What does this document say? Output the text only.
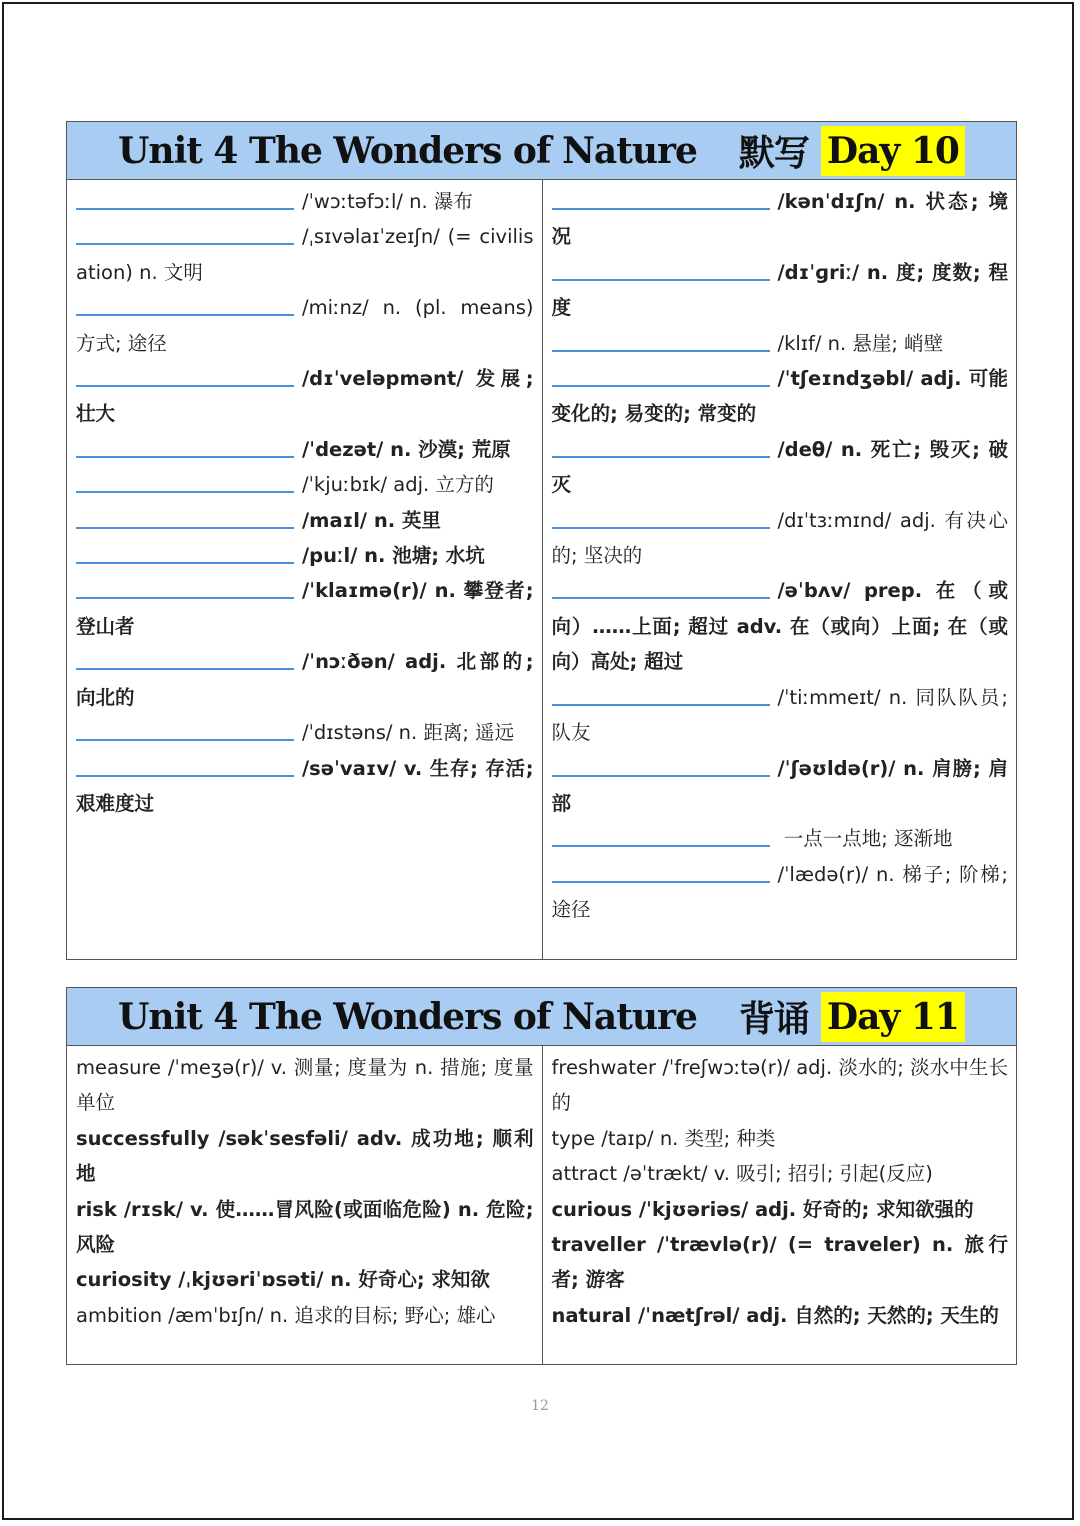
Unit 4 The Wonders of Nature 默写 Day 10
/ˈwɔːtəfɔːl/ n. 瀑布
/ˌsɪvəlaɪˈzeɪʃn/ (= civilisation) n. 文明
/miːnz/ n. (pl. means) 方式; 途径
/dɪˈveləpmənt/ 发展; 壮大
/ˈdezət/ n. 沙漠; 荒原
/ˈkjuːbɪk/ adj. 立方的
/maɪl/ n. 英里
/puːl/ n. 池塘; 水坑
/ˈklaɪmə(r)/ n. 攀登者; 登山者
/ˈnɔːðən/ adj. 北部的; 向北的
/ˈdɪstəns/ n. 距离; 遥远
/səˈvaɪv/ v. 生存; 存活; 艰难度过
/kənˈdɪʃn/ n. 状态; 境况
/dɪˈɡriː/ n. 度; 度数; 程度
/klɪf/ n. 悬崖; 峭壁
/ˈtʃeɪndʒəbl/ adj. 可能变化的; 易变的; 常变的
/deθ/ n. 死亡; 毁灭; 破灭
/dɪˈtɜːmɪnd/ adj. 有决心的; 坚决的
/əˈbʌv/ prep. 在（或向）……上面; 超过 adv. 在（或向）上面; 在（或向）高处; 超过
/ˈtiːmmeɪt/ n. 同队队员; 队友
/ˈʃəʊldə(r)/ n. 肩膀; 肩部
一点一点地; 逐渐地
/ˈlædə(r)/ n. 梯子; 阶梯; 途径
Unit 4 The Wonders of Nature 背诵 Day 11
measure /ˈmeʒə(r)/ v. 测量; 度量为 n. 措施; 度量单位
successfully /səkˈsesfəli/ adv. 成功地; 顺利地
risk /rɪsk/ v. 使……冒风险(或面临危险) n. 危险; 风险
curiosity /ˌkjʊəriˈɒsəti/ n. 好奇心; 求知欲
ambition /æmˈbɪʃn/ n. 追求的目标; 野心; 雄心
freshwater /ˈfreʃwɔːtə(r)/ adj. 淡水的; 淡水中生长的
type /taɪp/ n. 类型; 种类
attract /əˈtrækt/ v. 吸引; 招引; 引起(反应)
curious /ˈkjʊəriəs/ adj. 好奇的; 求知欲强的
traveller /ˈtrævlə(r)/ (= traveler) n. 旅行者; 游客
natural /ˈnætʃrəl/ adj. 自然的; 天然的; 天生的
12
